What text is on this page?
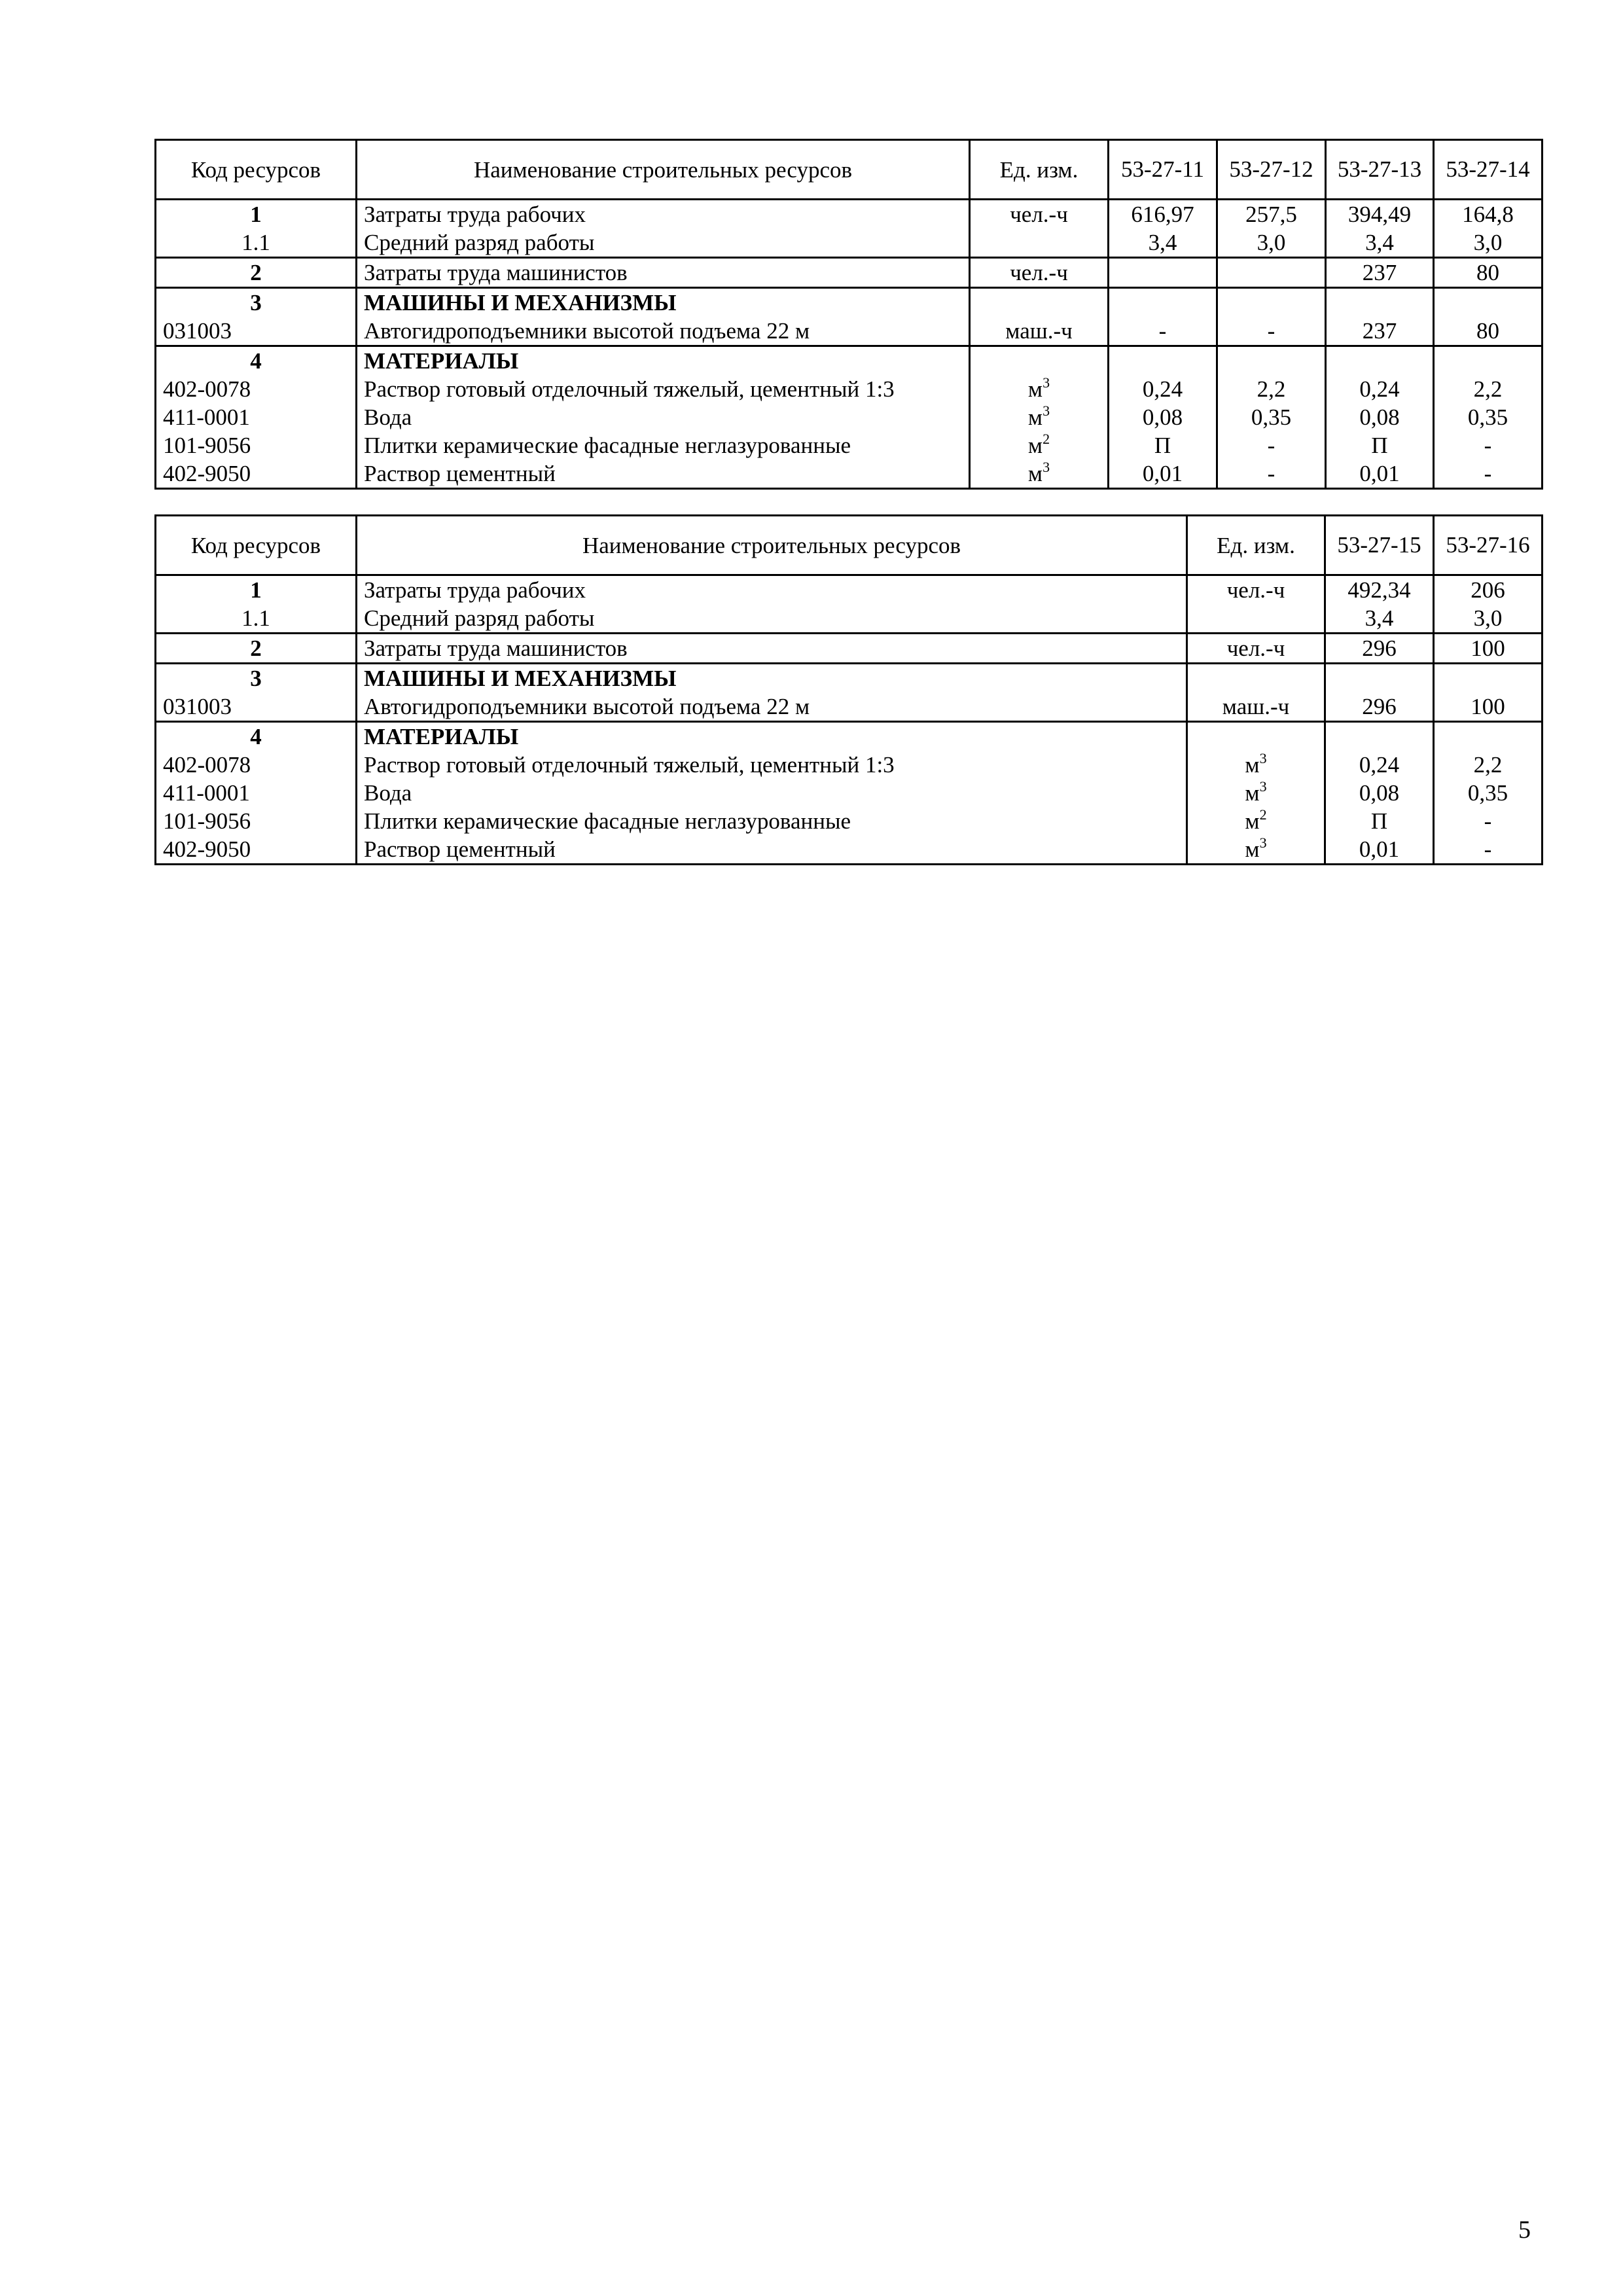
Код ресурсов	Наименование строительных ресурсов	Ед. изм.	53-27-11	53-27-12	53-27-13	53-27-14
1	Затраты труда рабочих	чел.-ч	616,97	257,5	394,49	164,8
1.1	Средний разряд работы		3,4	3,0	3,4	3,0
2	Затраты труда машинистов	чел.-ч			237	80
3	МАШИНЫ И МЕХАНИЗМЫ					
031003	Автогидроподъемники высотой подъема 22 м	маш.-ч	-	-	237	80
4	МАТЕРИАЛЫ					
402-0078	Раствор готовый отделочный тяжелый, цементный 1:3	$м^3$	0,24	2,2	0,24	2,2
411-0001	Вода	$м^3$	0,08	0,35	0,08	0,35
101-9056	Плитки керамические фасадные неглазурованные	$м^2$	П	-	П	-
402-9050	Раствор цементный	$м^3$	0,01	-	0,01	-
Код ресурсов	Наименование строительных ресурсов	Ед. изм.	53-27-15	53-27-16
1	Затраты труда рабочих	чел.-ч	492,34	206
1.1	Средний разряд работы		3,4	3,0
2	Затраты труда машинистов	чел.-ч	296	100
3	МАШИНЫ И МЕХАНИЗМЫ			
031003	Автогидроподъемники высотой подъема 22 м	маш.-ч	296	100
4	МАТЕРИАЛЫ			
402-0078	Раствор готовый отделочный тяжелый, цементный 1:3	$м^3$	0,24	2,2
411-0001	Вода	$м^3$	0,08	0,35
101-9056	Плитки керамические фасадные неглазурованные	$м^2$	П	-
402-9050	Раствор цементный	$м^3$	0,01	-
5
